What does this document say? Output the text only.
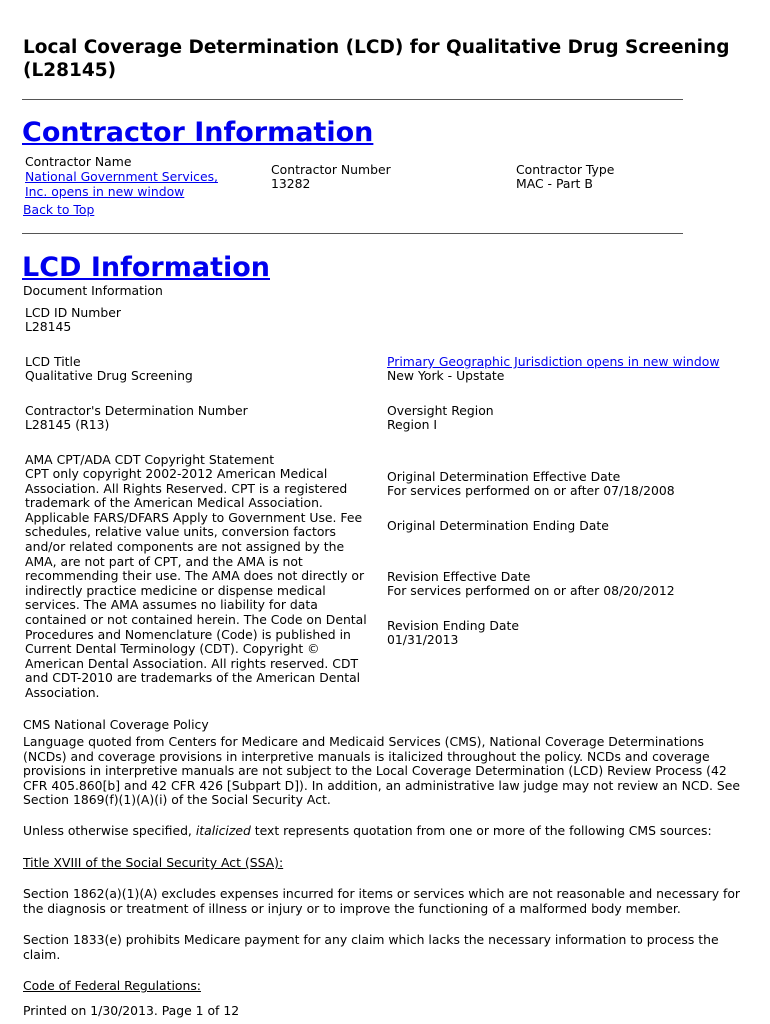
Local Coverage Determination (LCD) for Qualitative Drug Screening (L28145)
Contractor Information
Contractor Name
National Government Services, Inc. opens in new window
Contractor Number
13282
Contractor Type
MAC - Part B
Back to Top
LCD Information
Document Information
LCD ID Number
L28145
LCD Title
Qualitative Drug Screening
Primary Geographic Jurisdiction opens in new window
New York - Upstate
Contractor's Determination Number
L28145 (R13)
Oversight Region
Region I
AMA CPT/ADA CDT Copyright Statement
CPT only copyright 2002-2012 American Medical Association. All Rights Reserved. CPT is a registered trademark of the American Medical Association. Applicable FARS/DFARS Apply to Government Use. Fee schedules, relative value units, conversion factors and/or related components are not assigned by the AMA, are not part of CPT, and the AMA is not recommending their use. The AMA does not directly or indirectly practice medicine or dispense medical services. The AMA assumes no liability for data contained or not contained herein. The Code on Dental Procedures and Nomenclature (Code) is published in Current Dental Terminology (CDT). Copyright © American Dental Association. All rights reserved. CDT and CDT-2010 are trademarks of the American Dental Association.
Original Determination Effective Date
For services performed on or after 07/18/2008
Original Determination Ending Date
Revision Effective Date
For services performed on or after 08/20/2012
Revision Ending Date
01/31/2013
CMS National Coverage Policy
Language quoted from Centers for Medicare and Medicaid Services (CMS), National Coverage Determinations (NCDs) and coverage provisions in interpretive manuals is italicized throughout the policy. NCDs and coverage provisions in interpretive manuals are not subject to the Local Coverage Determination (LCD) Review Process (42 CFR 405.860[b] and 42 CFR 426 [Subpart D]). In addition, an administrative law judge may not review an NCD. See Section 1869(f)(1)(A)(i) of the Social Security Act.
Unless otherwise specified, italicized text represents quotation from one or more of the following CMS sources:
Title XVIII of the Social Security Act (SSA):
Section 1862(a)(1)(A) excludes expenses incurred for items or services which are not reasonable and necessary for the diagnosis or treatment of illness or injury or to improve the functioning of a malformed body member.
Section 1833(e) prohibits Medicare payment for any claim which lacks the necessary information to process the claim.
Code of Federal Regulations:
Printed on 1/30/2013. Page 1 of 12
